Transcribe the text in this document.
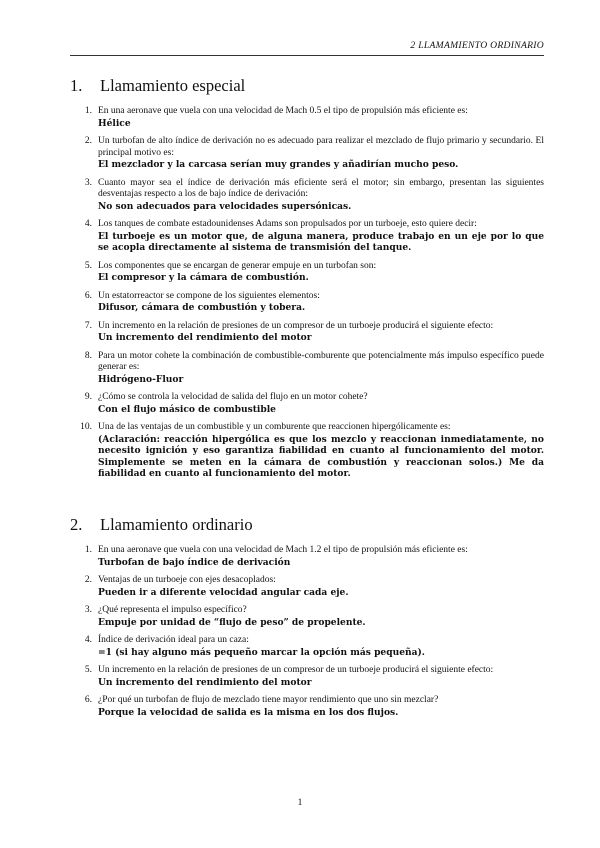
2 LLAMAMIENTO ORDINARIO
1. Llamamiento especial
1. En una aeronave que vuela con una velocidad de Mach 0.5 el tipo de propulsión más eficiente es:
Hélice
2. Un turbofan de alto índice de derivación no es adecuado para realizar el mezclado de flujo primario y secundario. El principal motivo es:
El mezclador y la carcasa serían muy grandes y añadirían mucho peso.
3. Cuanto mayor sea el índice de derivación más eficiente será el motor; sin embargo, presentan las siguientes desventajas respecto a los de bajo índice de derivación:
No son adecuados para velocidades supersónicas.
4. Los tanques de combate estadounidenses Adams son propulsados por un turboeje, esto quiere decir:
El turboeje es un motor que, de alguna manera, produce trabajo en un eje por lo que se acopla directamente al sistema de transmisión del tanque.
5. Los componentes que se encargan de generar empuje en un turbofan son:
El compresor y la cámara de combustión.
6. Un estatorreactor se compone de los siguientes elementos:
Difusor, cámara de combustión y tobera.
7. Un incremento en la relación de presiones de un compresor de un turboeje producirá el siguiente efecto:
Un incremento del rendimiento del motor
8. Para un motor cohete la combinación de combustible-comburente que potencialmente más impulso específico puede generar es:
Hidrógeno-Fluor
9. ¿Cómo se controla la velocidad de salida del flujo en un motor cohete?
Con el flujo másico de combustible
10. Una de las ventajas de un combustible y un comburente que reaccionen hipergólicamente es:
(Aclaración: reacción hipergólica es que los mezclo y reaccionan inmediatamente, no necesito ignición y eso garantiza fiabilidad en cuanto al funcionamiento del motor. Simplemente se meten en la cámara de combustión y reaccionan solos.) Me da fiabilidad en cuanto al funcionamiento del motor.
2. Llamamiento ordinario
1. En una aeronave que vuela con una velocidad de Mach 1.2 el tipo de propulsión más eficiente es:
Turbofan de bajo índice de derivación
2. Ventajas de un turboeje con ejes desacoplados:
Pueden ir a diferente velocidad angular cada eje.
3. ¿Qué representa el impulso específico?
Empuje por unidad de “flujo de peso” de propelente.
4. Índice de derivación ideal para un caza:
=1 (si hay alguno más pequeño marcar la opción más pequeña).
5. Un incremento en la relación de presiones de un compresor de un turboeje producirá el siguiente efecto:
Un incremento del rendimiento del motor
6. ¿Por qué un turbofan de flujo de mezclado tiene mayor rendimiento que uno sin mezclar?
Porque la velocidad de salida es la misma en los dos flujos.
1
